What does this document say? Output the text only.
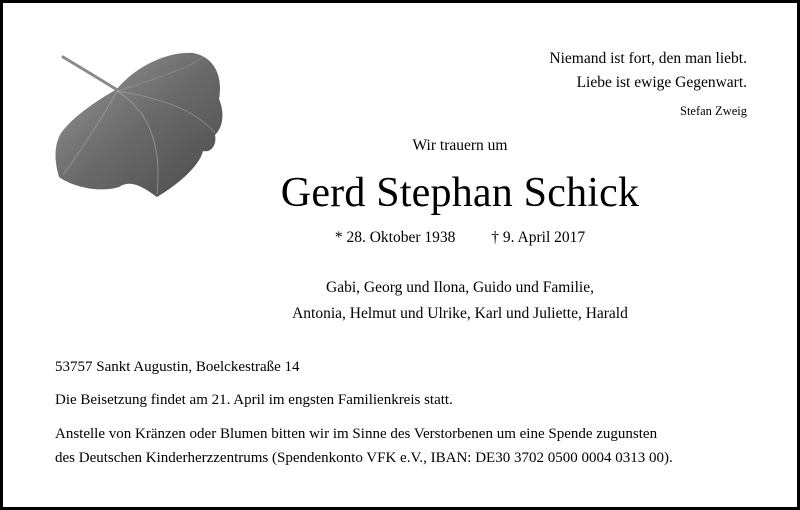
Niemand ist fort, den man liebt.
Liebe ist ewige Gegenwart.
Stefan Zweig
Wir trauern um
Gerd Stephan Schick
* 28. Oktober 1938 † 9. April 2017
Gabi, Georg und Ilona, Guido und Familie,
Antonia, Helmut und Ulrike, Karl und Juliette, Harald
53757 Sankt Augustin, Boelckestraße 14
Die Beisetzung findet am 21. April im engsten Familienkreis statt.
Anstelle von Kränzen oder Blumen bitten wir im Sinne des Verstorbenen um eine Spende zugunsten
des Deutschen Kinderherzzentrums (Spendenkonto VFK e.V., IBAN: DE30 3702 0500 0004 0313 00).
